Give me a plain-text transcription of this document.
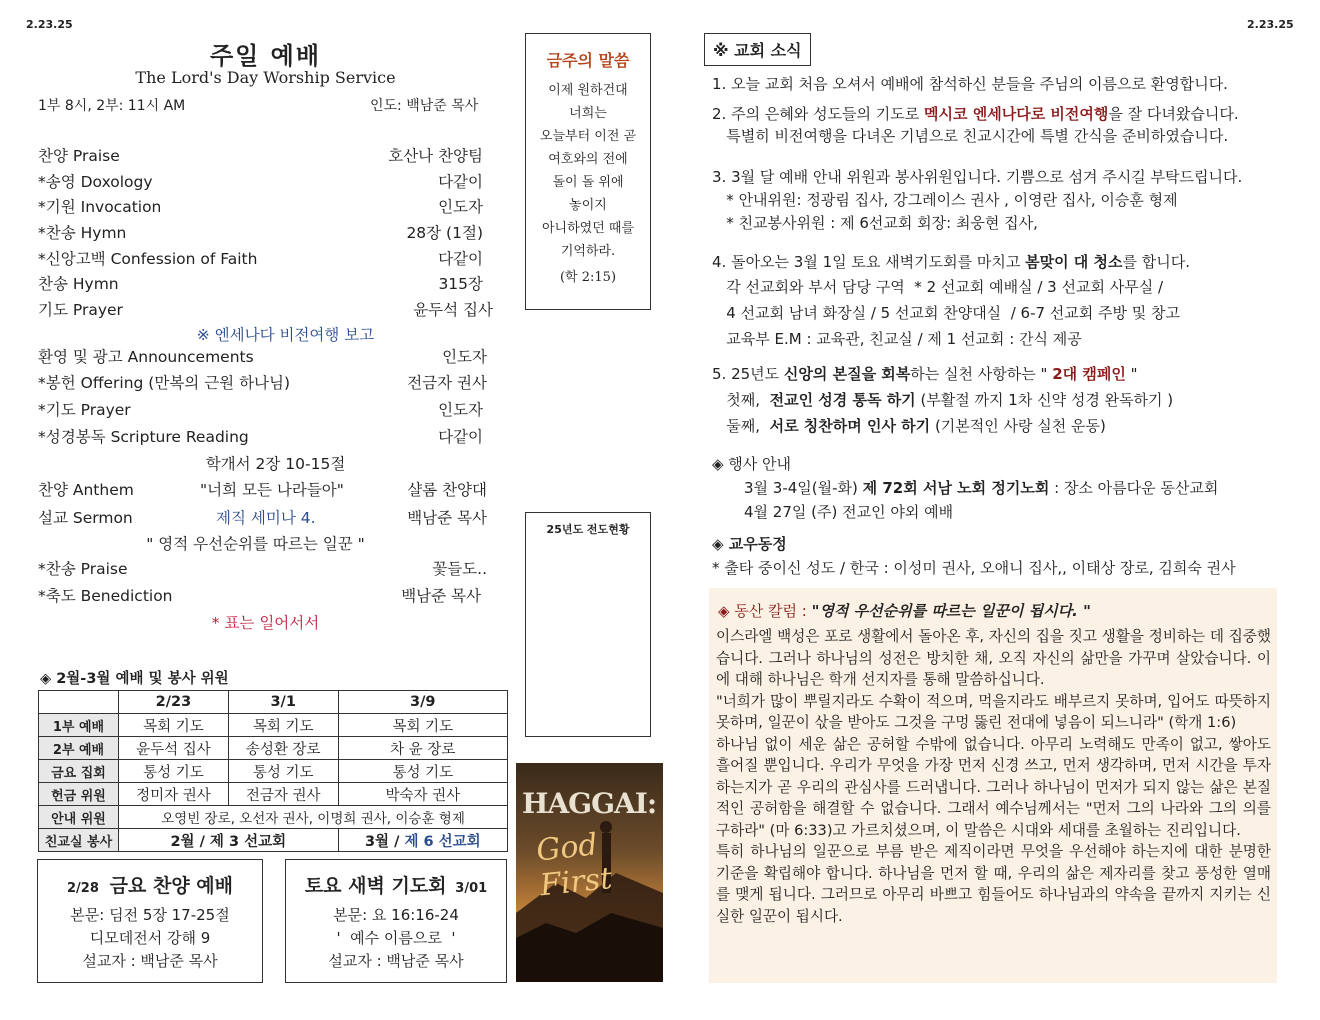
2.23.25	2.23.25
주일 예배
The Lord's Day Worship Service
1부 8시, 2부: 11시 AM	인도: 백남준 목사
찬양 Praise	호산나 찬양팀
*송영 Doxology	다같이
*기원 Invocation	인도자
*찬송 Hymn	28장 (1절)
*신앙고백 Confession of Faith	다같이
찬송 Hymn	315장
기도 Prayer	윤두석 집사
※ 엔세나다 비전여행 보고
환영 및 광고 Announcements	인도자
*봉헌 Offering (만복의 근원 하나님)	전금자 권사
*기도 Prayer	인도자
*성경봉독 Scripture Reading	다같이
학개서 2장 10-15절
찬양 Anthem	"너희 모든 나라들아"	샬롬 찬양대
설교 Sermon	제직 세미나 4.	백남준 목사
" 영적 우선순위를 따르는 일꾼 "
*찬송 Praise	꽃들도..
*축도 Benediction	백남준 목사
* 표는 일어서서
금주의 말씀
이제 원하건대
너희는
오늘부터 이전 곧
여호와의 전에
돌이 돌 위에
놓이지
아니하였던 때를
기억하라.
(학 2:15)
25년도 전도현황
HAGGAI:
God First
◈ 2월-3월 예배 및 봉사 위원
	2/23	3/1	3/9
1부 예배	목회 기도	목회 기도	목회 기도
2부 예배	윤두석 집사	송성환 장로	차 윤 장로
금요 집회	통성 기도	통성 기도	통성 기도
헌금 위원	정미자 권사	전금자 권사	박숙자 권사
안내 위원	오영빈 장로, 오선자 권사, 이명희 권사, 이승훈 형제		
친교실 봉사	2월 / 제 3 선교회		3월 / 제 6 선교회
2/28 금요 찬양 예배
본문: 딤전 5장 17-25절
디모데전서 강해 9
설교자 : 백남준 목사
토요 새벽 기도회 3/01
본문: 요 16:16-24
'  예수 이름으로  '
설교자 : 백남준 목사
※ 교회 소식
1. 오늘 교회 처음 오셔서 예배에 참석하신 분들을 주님의 이름으로 환영합니다.
2. 주의 은혜와 성도들의 기도로 멕시코 엔세나다로 비전여행을 잘 다녀왔습니다.
특별히 비전여행을 다녀온 기념으로 친교시간에 특별 간식을 준비하였습니다.
3. 3월 달 예배 안내 위원과 봉사위원입니다. 기쁨으로 섬겨 주시길 부탁드립니다.
* 안내위원: 정광림 집사, 강그레이스 권사 , 이영란 집사, 이승훈 형제
* 친교봉사위원 : 제 6선교회 회장: 최웅현 집사,
4. 돌아오는 3월 1일 토요 새벽기도회를 마치고 봄맞이 대 청소를 합니다.
각 선교회와 부서 담당 구역  * 2 선교회 예배실 / 3 선교회 사무실 /
4 선교회 남녀 화장실 / 5 선교회 찬양대실  / 6-7 선교회 주방 및 창고
교육부 E.M : 교육관, 친교실 / 제 1 선교회 : 간식 제공
5. 25년도 신앙의 본질을 회복하는 실천 사항하는 " 2대 캠페인 "
첫째,  전교인 성경 통독 하기 (부활절 까지 1차 신약 성경 완독하기 )
둘째,  서로 칭찬하며 인사 하기 (기본적인 사랑 실천 운동)
◈ 행사 안내
3월 3-4일(월-화) 제 72회 서남 노회 정기노회 : 장소 아름다운 동산교회
4월 27일 (주) 전교인 야외 예배
◈ 교우동정
* 출타 중이신 성도 / 한국 : 이성미 권사, 오애니 집사,, 이태상 장로, 김희숙 권사
◈ 동산 칼럼 : "영적 우선순위를 따르는 일꾼이 됩시다. "

이스라엘 백성은 포로 생활에서 돌아온 후, 자신의 집을 짓고 생활을 정비하는 데 집중했습니다. 그러나 하나님의 성전은 방치한 채, 오직 자신의 삶만을 가꾸며 살았습니다. 이에 대해 하나님은 학개 선지자를 통해 말씀하십니다.

"너희가 많이 뿌릴지라도 수확이 적으며, 먹을지라도 배부르지 못하며, 입어도 따뜻하지 못하며, 일꾼이 삯을 받아도 그것을 구멍 뚫린 전대에 넣음이 되느니라" (학개 1:6)

하나님 없이 세운 삶은 공허할 수밖에 없습니다. 아무리 노력해도 만족이 없고, 쌓아도 흘어질 뿐입니다. 우리가 무엇을 가장 먼저 신경 쓰고, 먼저 생각하며, 먼저 시간을 투자하는지가 곧 우리의 관심사를 드러냅니다. 그러나 하나님이 먼저가 되지 않는 삶은 본질적인 공허함을 해결할 수 없습니다. 그래서 예수님께서는 "먼저 그의 나라와 그의 의를 구하라" (마 6:33)고 가르치셨으며, 이 말씀은 시대와 세대를 초월하는 진리입니다.

특히 하나님의 일꾼으로 부름 받은 제직이라면 무엇을 우선해야 하는지에 대한 분명한 기준을 확립해야 합니다. 하나님을 먼저 할 때, 우리의 삶은 제자리를 찾고 풍성한 열매를 맺게 됩니다. 그러므로 아무리 바쁘고 힘들어도 하나님과의 약속을 끝까지 지키는 신실한 일꾼이 됩시다.
